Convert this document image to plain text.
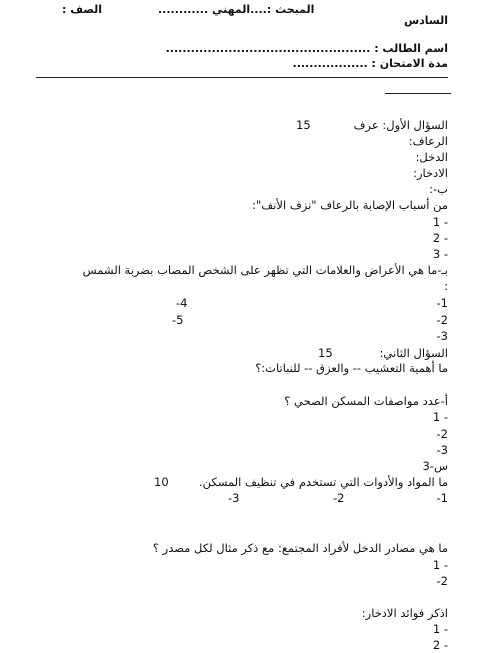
الصف :	المبحث :....المهني ............
السادس
اسم الطالب : .................................................
مدة الامتحان : ..................
15	السؤال الأول: عرف
الرعاف:
الدخل:
الادخار:
ب-:
من أسباب الإصابة بالرعاف "نزف الأنف":
- 1
- 2
- 3
بـ-ما هي الأعراض والعلامات التي تظهر على الشخص المصاب بضربة الشمس
:
1-
2-
3-
4-
5-
15	السؤال الثاني:
ما أهمية التعشيب -- والعزق -- للنباتات:؟
أ-عدد مواصفات المسكن الصحي ؟
- 1
2-
3-
س-3
10	ما المواد والأدوات التي تستخدم في تنظيف المسكن.
1-
2-
3-
ما هي مصادر الدخل لأفراد المجتمع: مع ذكر مثال لكل مصدر ؟
- 1
2-
اذكر فوائد الادخار:
- 1
- 2
